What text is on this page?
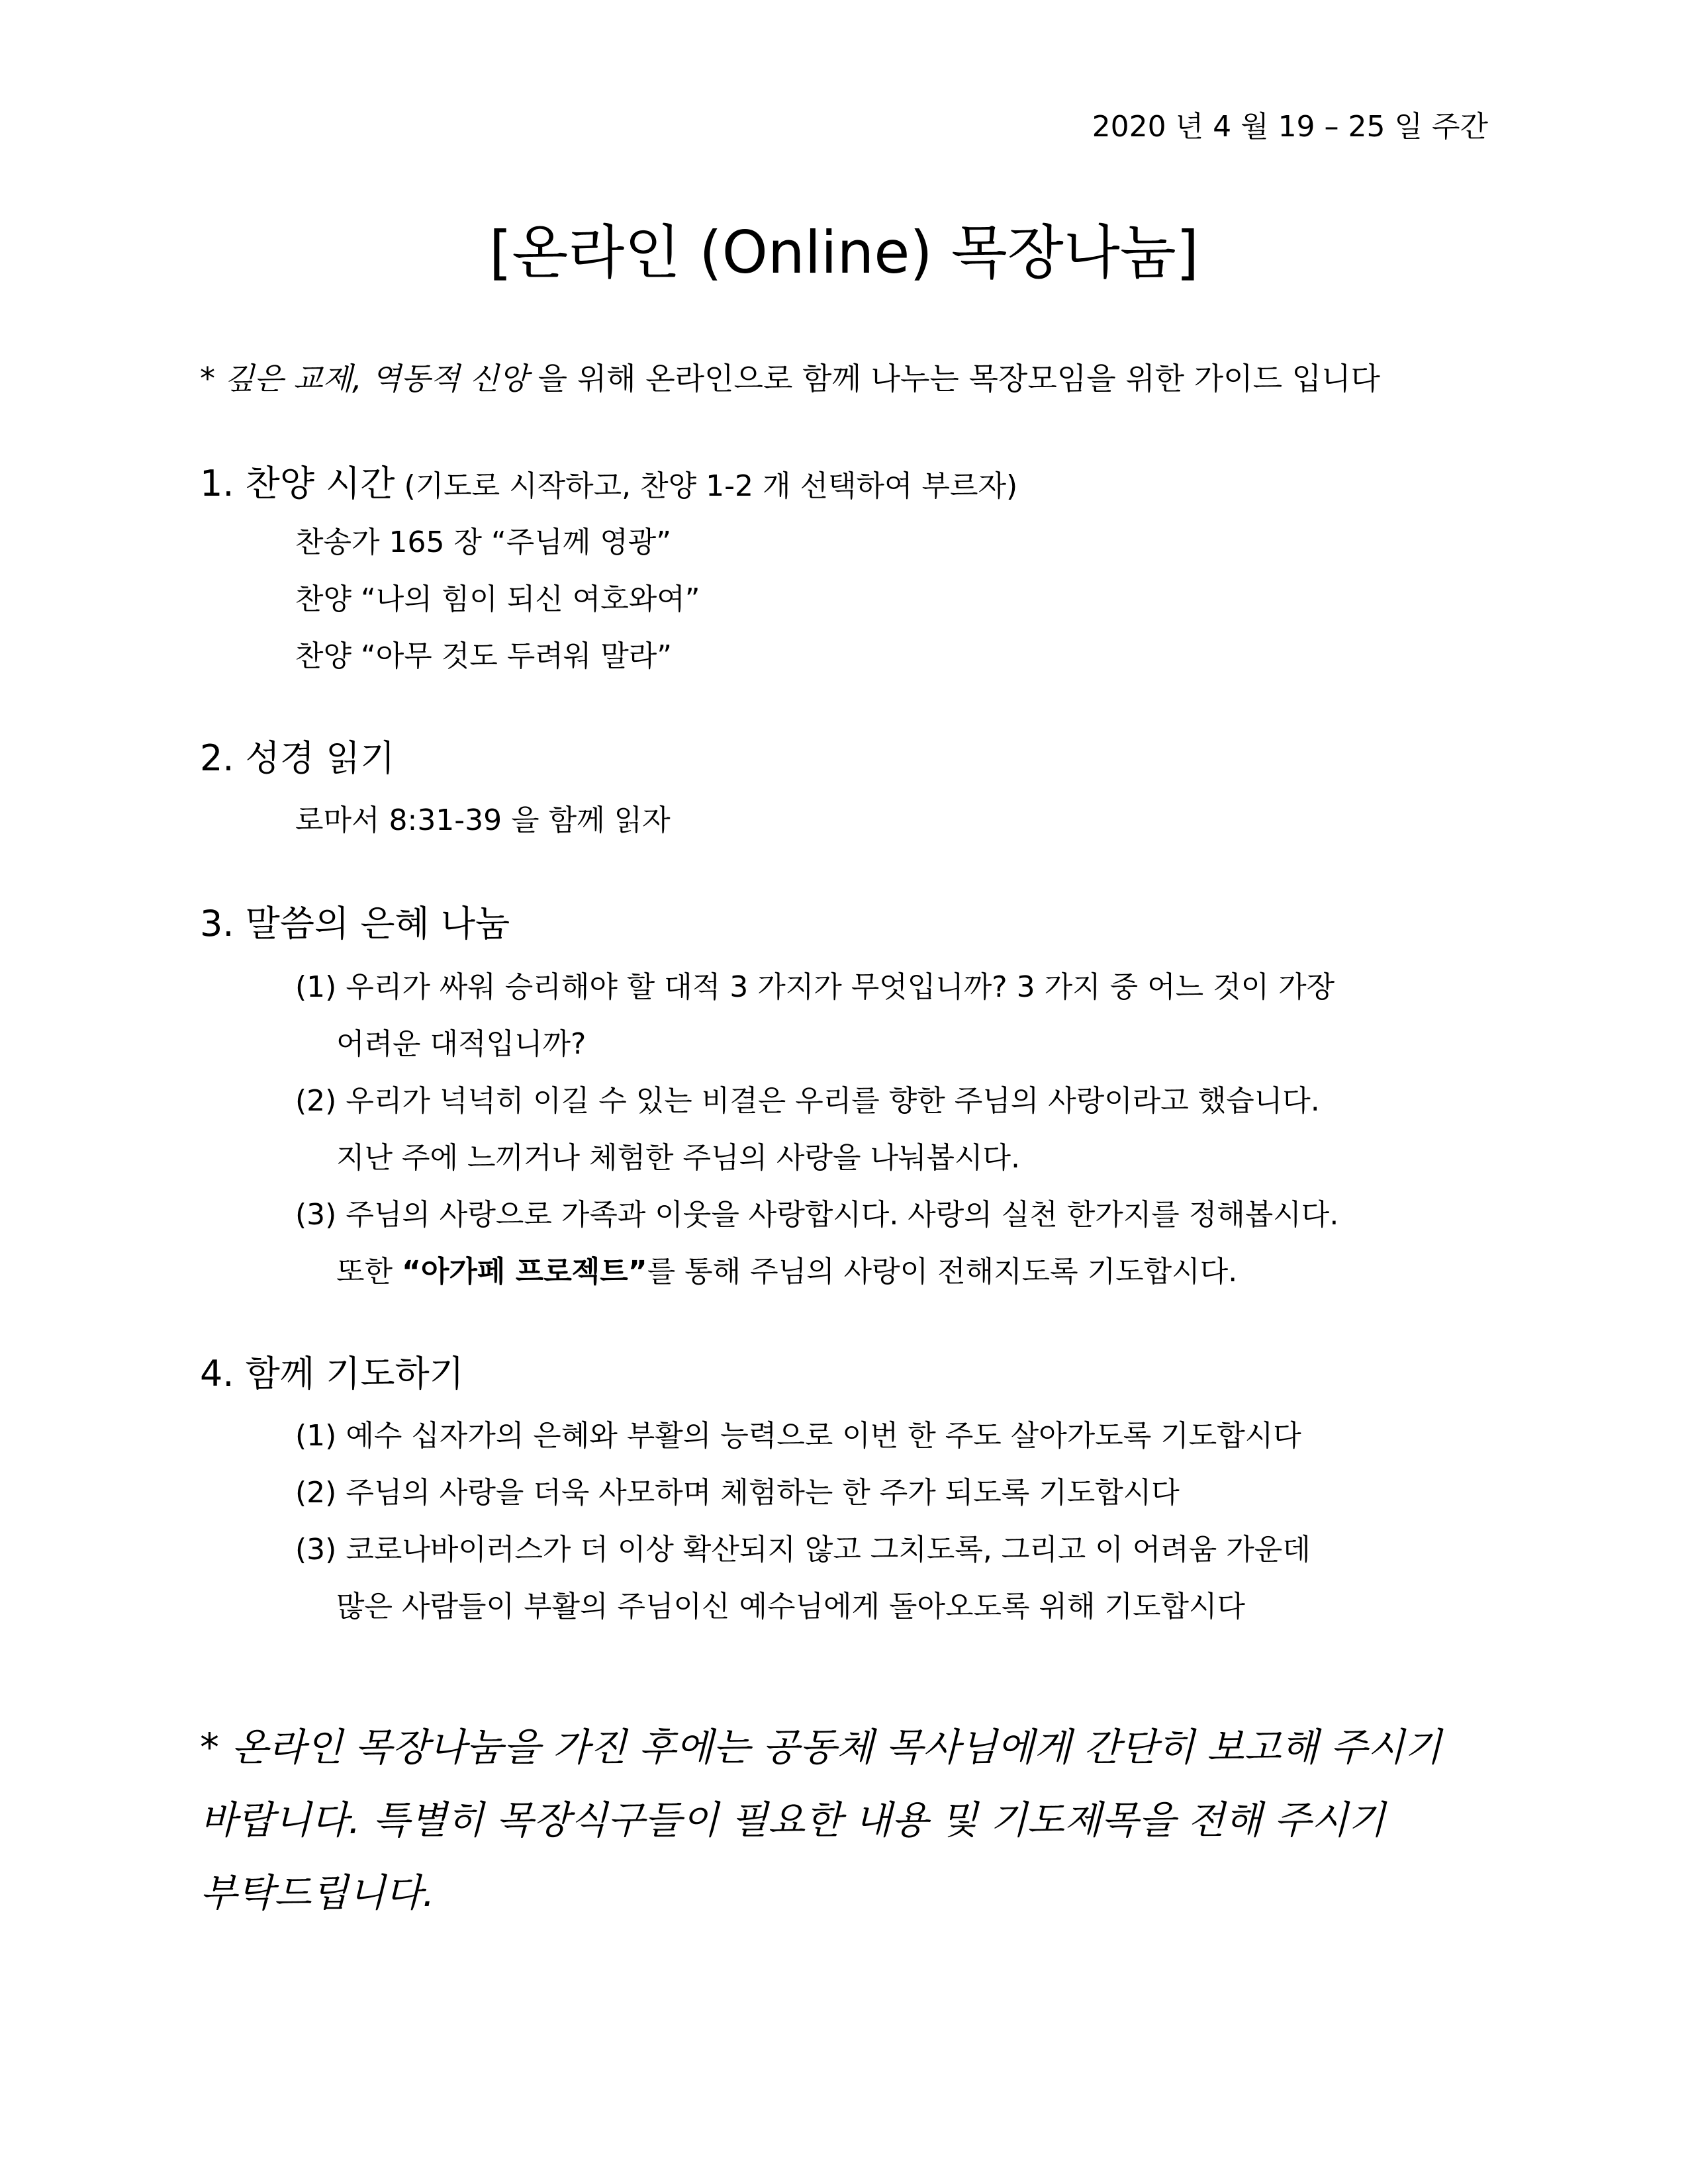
2020 년 4 월 19 – 25 일 주간
[온라인 (Online) 목장나눔]
* 깊은 교제, 역동적 신앙 을 위해 온라인으로 함께 나누는 목장모임을 위한 가이드 입니다
1. 찬양 시간 (기도로 시작하고, 찬양 1-2 개 선택하여 부르자)
찬송가 165 장 “주님께 영광”
찬양 “나의 힘이 되신 여호와여”
찬양 “아무 것도 두려워 말라”
2. 성경 읽기
로마서 8:31-39 을 함께 읽자
3. 말씀의 은혜 나눔
(1) 우리가 싸워 승리해야 할 대적 3 가지가 무엇입니까? 3 가지 중 어느 것이 가장
어려운 대적입니까?
(2) 우리가 넉넉히 이길 수 있는 비결은 우리를 향한 주님의 사랑이라고 했습니다.
지난 주에 느끼거나 체험한 주님의 사랑을 나눠봅시다.
(3) 주님의 사랑으로 가족과 이웃을 사랑합시다. 사랑의 실천 한가지를 정해봅시다.
또한 “아가페 프로젝트”를 통해 주님의 사랑이 전해지도록 기도합시다.
4. 함께 기도하기
(1) 예수 십자가의 은혜와 부활의 능력으로 이번 한 주도 살아가도록 기도합시다
(2) 주님의 사랑을 더욱 사모하며 체험하는 한 주가 되도록 기도합시다
(3) 코로나바이러스가 더 이상 확산되지 않고 그치도록, 그리고 이 어려움 가운데
많은 사람들이 부활의 주님이신 예수님에게 돌아오도록 위해 기도합시다
* 온라인 목장나눔을 가진 후에는 공동체 목사님에게 간단히 보고해 주시기
바랍니다. 특별히 목장식구들이 필요한 내용 및 기도제목을 전해 주시기
부탁드립니다.
